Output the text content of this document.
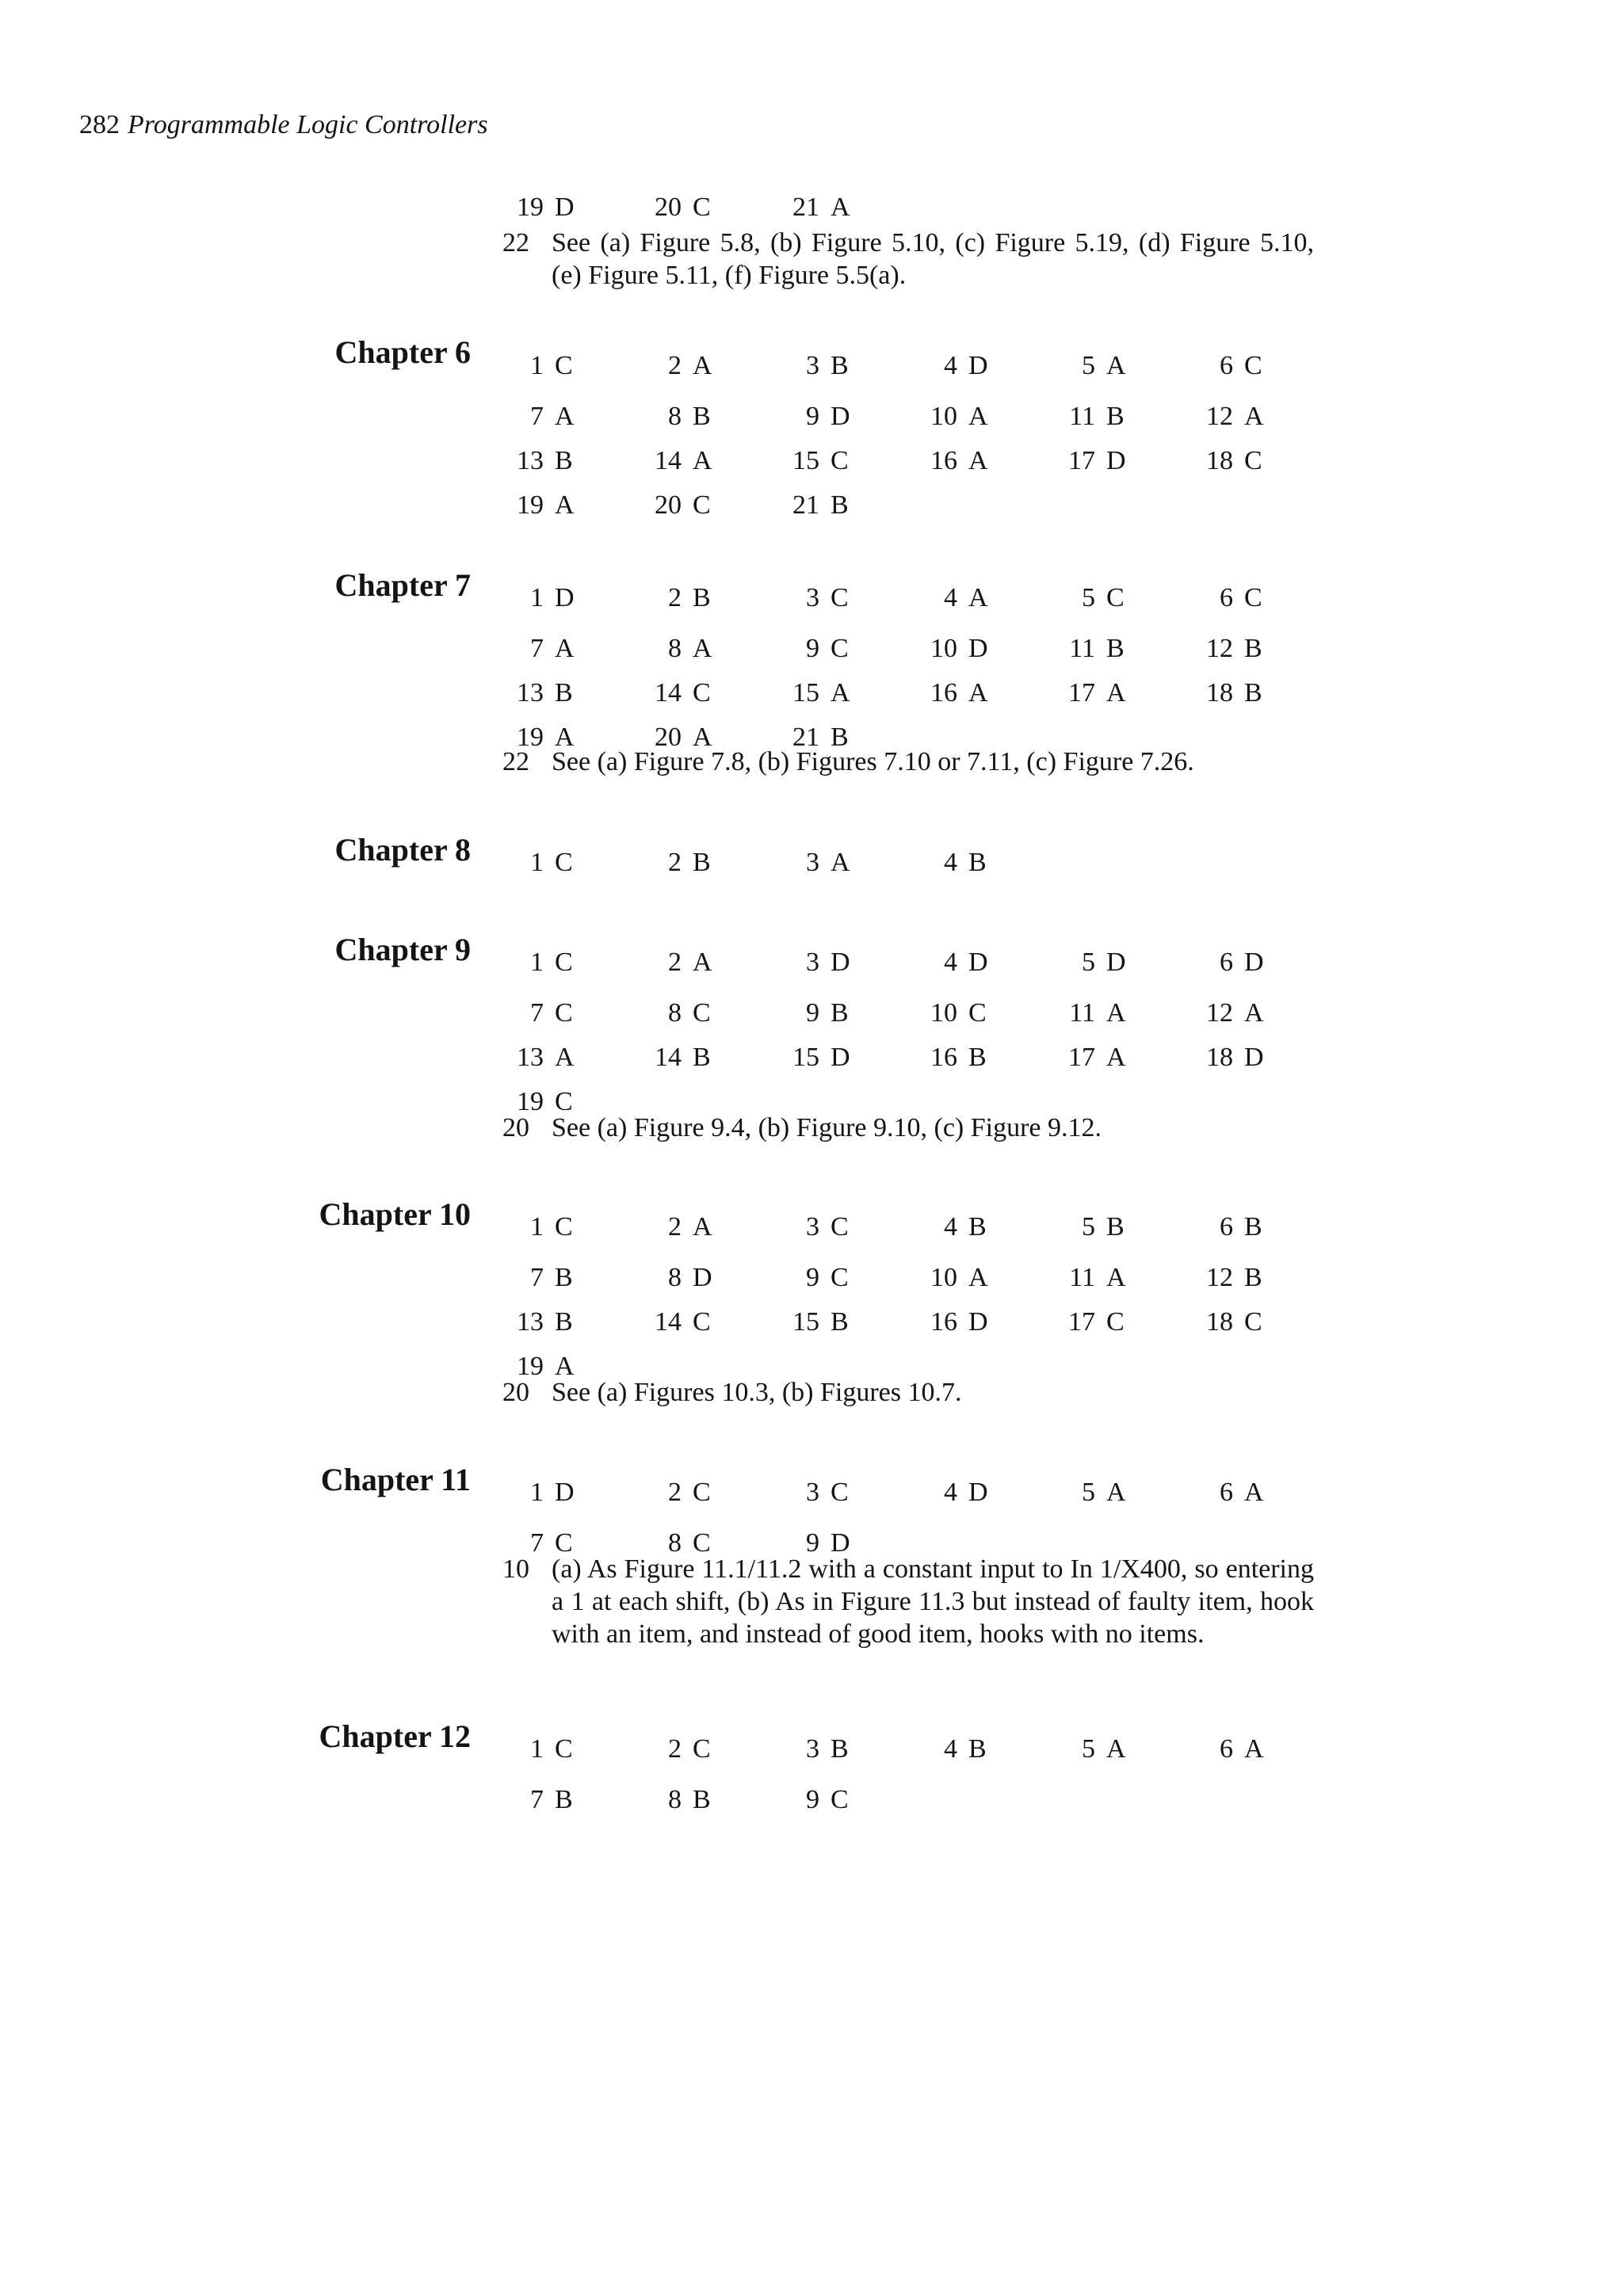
282 Programmable Logic Controllers
19 D	20 C	21 A
22 See (a) Figure 5.8, (b) Figure 5.10, (c) Figure 5.19, (d) Figure 5.10, (e) Figure 5.11, (f) Figure 5.5(a).
Chapter 6	1 C	2 A	3 B	4 D	5 A	6 C
7 A	8 B	9 D	10 A	11 B	12 A
13 B	14 A	15 C	16 A	17 D	18 C
19 A	20 C	21 B
Chapter 7	1 D	2 B	3 C	4 A	5 C	6 C
7 A	8 A	9 C	10 D	11 B	12 B
13 B	14 C	15 A	16 A	17 A	18 B
19 A	20 A	21 B
22 See (a) Figure 7.8, (b) Figures 7.10 or 7.11, (c) Figure 7.26.
Chapter 8	1 C	2 B	3 A	4 B
Chapter 9	1 C	2 A	3 D	4 D	5 D	6 D
7 C	8 C	9 B	10 C	11 A	12 A
13 A	14 B	15 D	16 B	17 A	18 D
19 C
20 See (a) Figure 9.4, (b) Figure 9.10, (c) Figure 9.12.
Chapter 10	1 C	2 A	3 C	4 B	5 B	6 B
7 B	8 D	9 C	10 A	11 A	12 B
13 B	14 C	15 B	16 D	17 C	18 C
19 A
20 See (a) Figures 10.3, (b) Figures 10.7.
Chapter 11	1 D	2 C	3 C	4 D	5 A	6 A
7 C	8 C	9 D
10 (a) As Figure 11.1/11.2 with a constant input to In 1/X400, so entering a 1 at each shift, (b) As in Figure 11.3 but instead of faulty item, hook with an item, and instead of good item, hooks with no items.
Chapter 12	1 C	2 C	3 B	4 B	5 A	6 A
7 B	8 B	9 C
